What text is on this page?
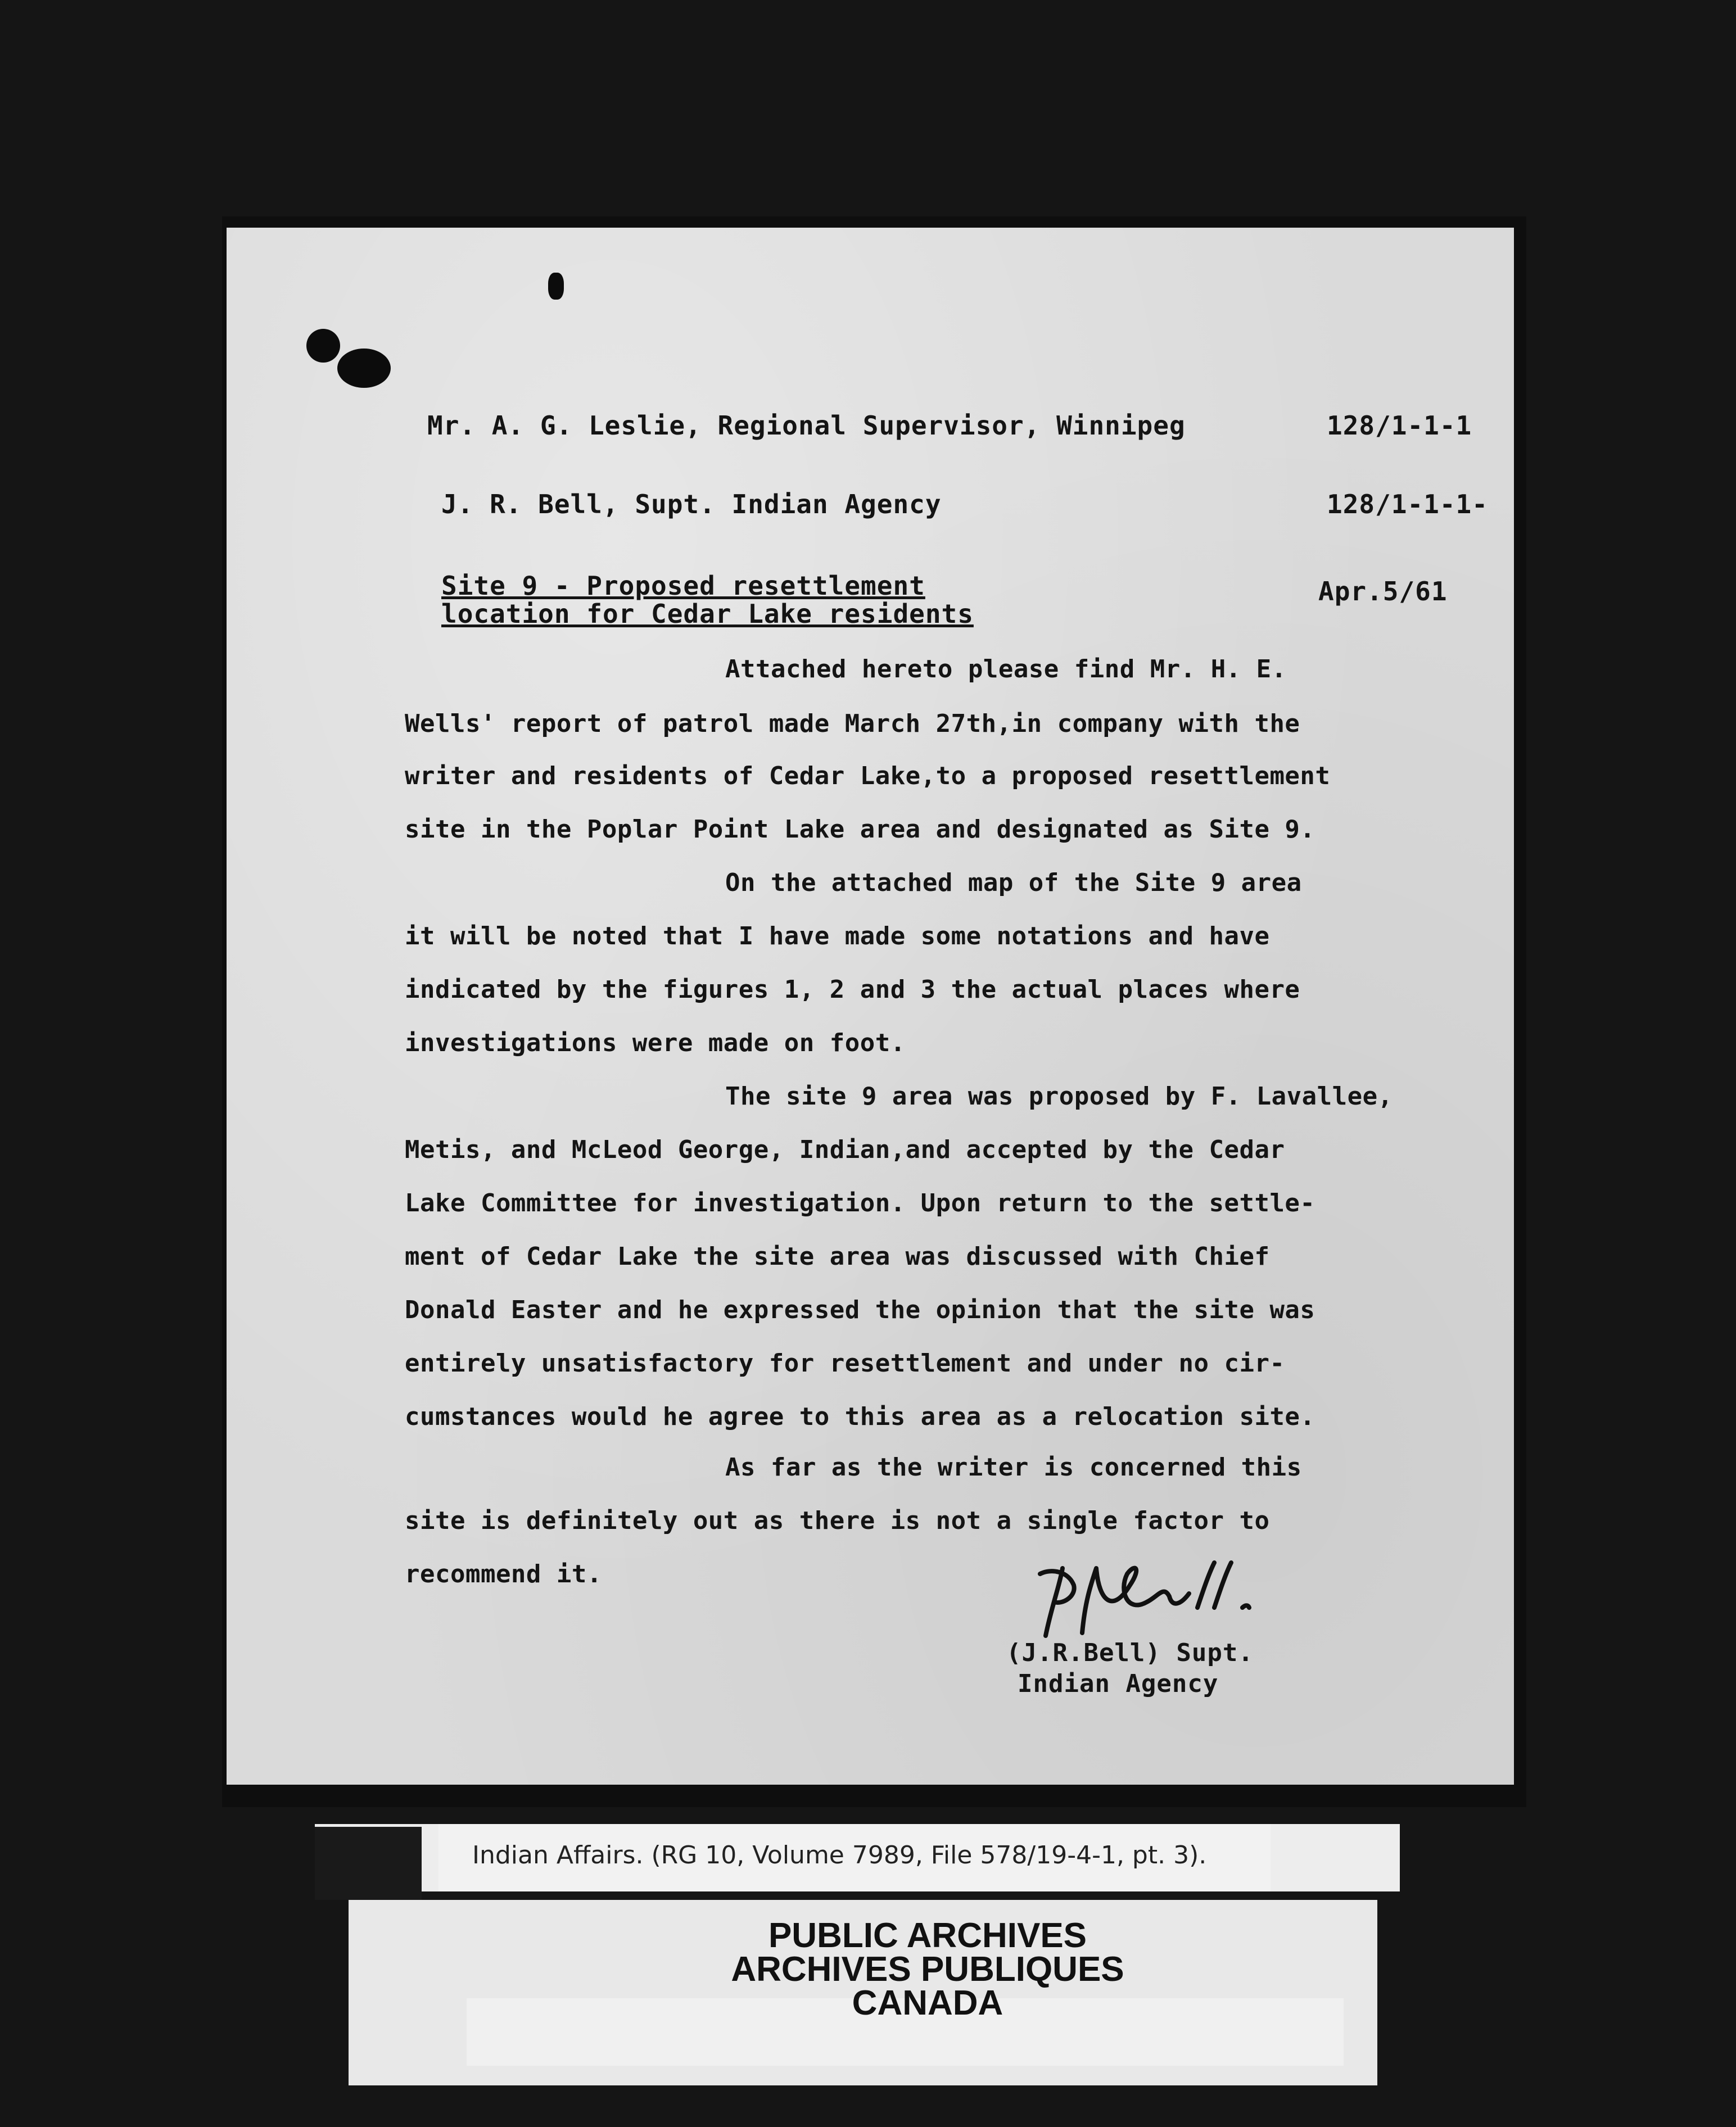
Mr. A. G. Leslie, Regional Supervisor, Winnipeg	128/1-1-1
J. R. Bell, Supt. Indian Agency	128/1-1-1-
Site 9 - Proposed resettlement
location for Cedar Lake residents
Apr.5/61
Attached hereto please find Mr. H. E.
Wells' report of patrol made March 27th,in company with the
writer and residents of Cedar Lake,to a proposed resettlement
site in the Poplar Point Lake area and designated as Site 9.
On the attached map of the Site 9 area
it will be noted that I have made some notations and have
indicated by the figures 1, 2 and 3 the actual places where
investigations were made on foot.
The site 9 area was proposed by F. Lavallee,
Metis, and McLeod George, Indian,and accepted by the Cedar
Lake Committee for investigation. Upon return to the settle-
ment of Cedar Lake the site area was discussed with Chief
Donald Easter and he expressed the opinion that the site was
entirely unsatisfactory for resettlement and under no cir-
cumstances would he agree to this area as a relocation site.
As far as the writer is concerned this
site is definitely out as there is not a single factor to
recommend it.
(J.R.Bell) Supt.
Indian Agency
Indian Affairs. (RG 10, Volume 7989, File 578/19-4-1, pt. 3).
PUBLIC ARCHIVES
ARCHIVES PUBLIQUES
CANADA
